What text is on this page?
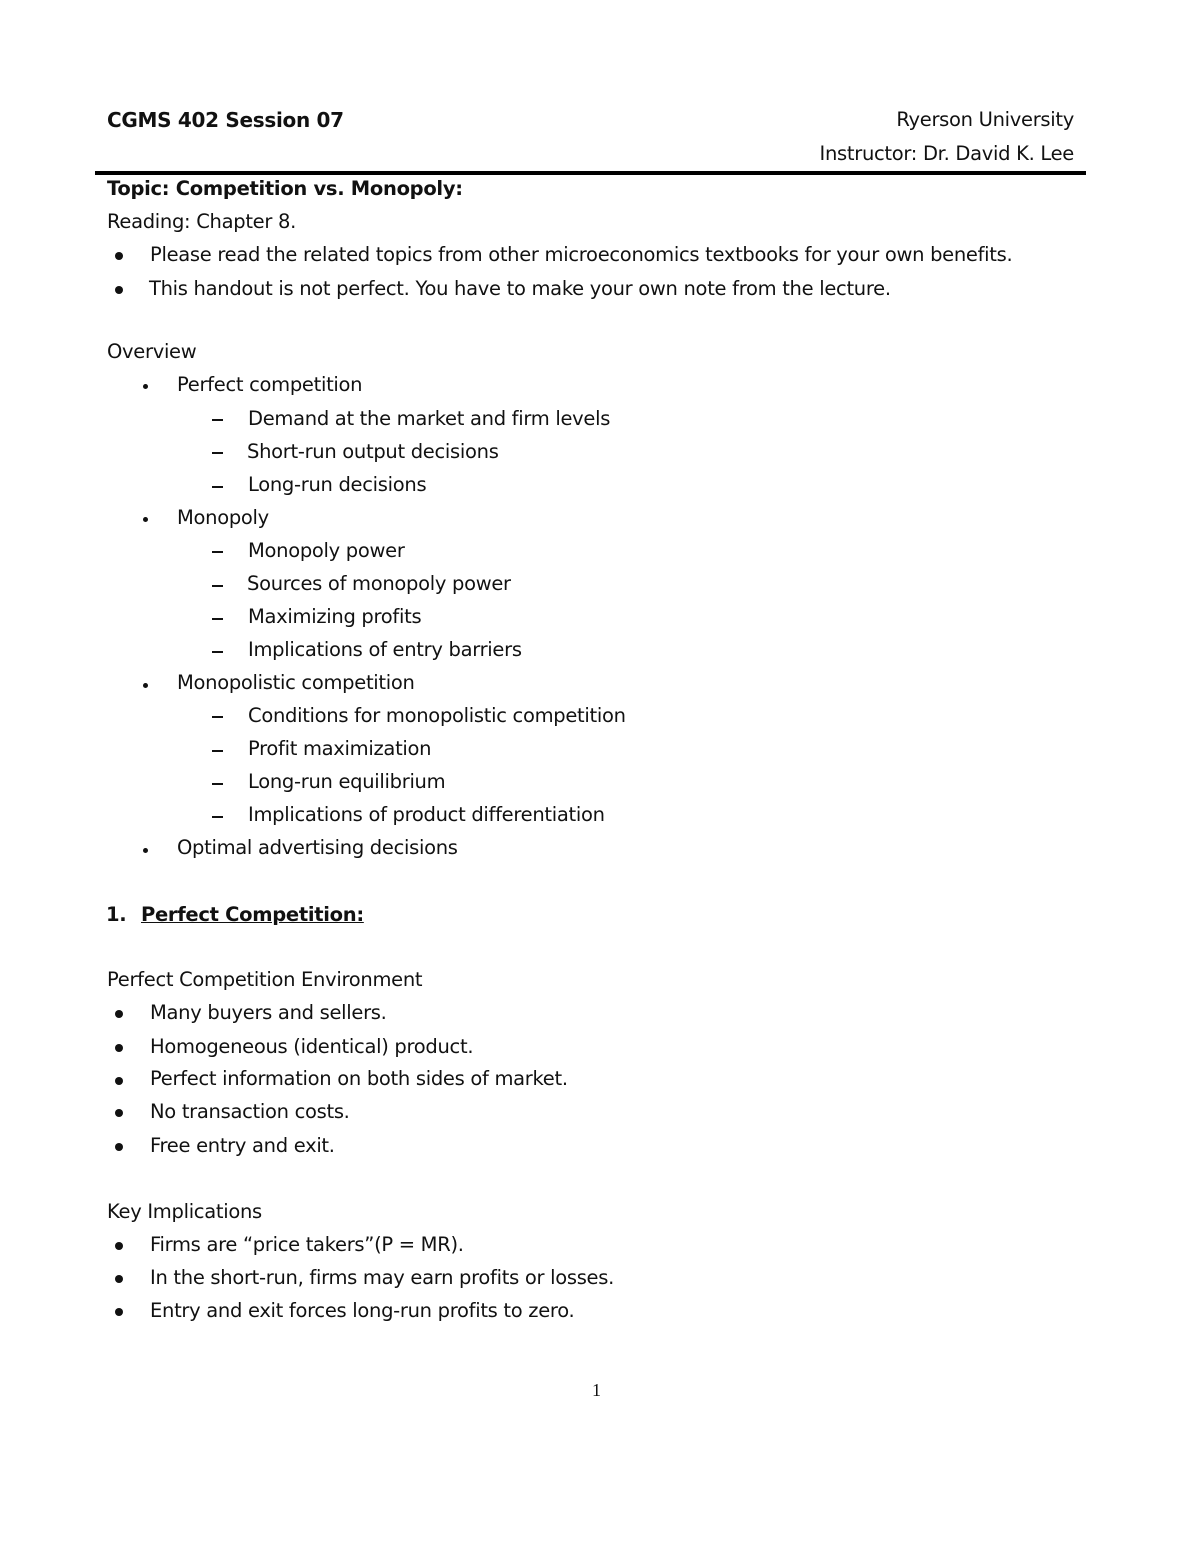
CGMS 402 Session 07	Ryerson University
Instructor: Dr. David K. Lee
Topic: Competition vs. Monopoly:
Reading: Chapter 8.
Please read the related topics from other microeconomics textbooks for your own benefits.
This handout is not perfect. You have to make your own note from the lecture.
Overview
Perfect competition
Demand at the market and firm levels
Short-run output decisions
Long-run decisions
Monopoly
Monopoly power
Sources of monopoly power
Maximizing profits
Implications of entry barriers
Monopolistic competition
Conditions for monopolistic competition
Profit maximization
Long-run equilibrium
Implications of product differentiation
Optimal advertising decisions
1. Perfect Competition:
Perfect Competition Environment
Many buyers and sellers.
Homogeneous (identical) product.
Perfect information on both sides of market.
No transaction costs.
Free entry and exit.
Key Implications
Firms are “price takers”(P = MR).
In the short-run, firms may earn profits or losses.
Entry and exit forces long-run profits to zero.
1
